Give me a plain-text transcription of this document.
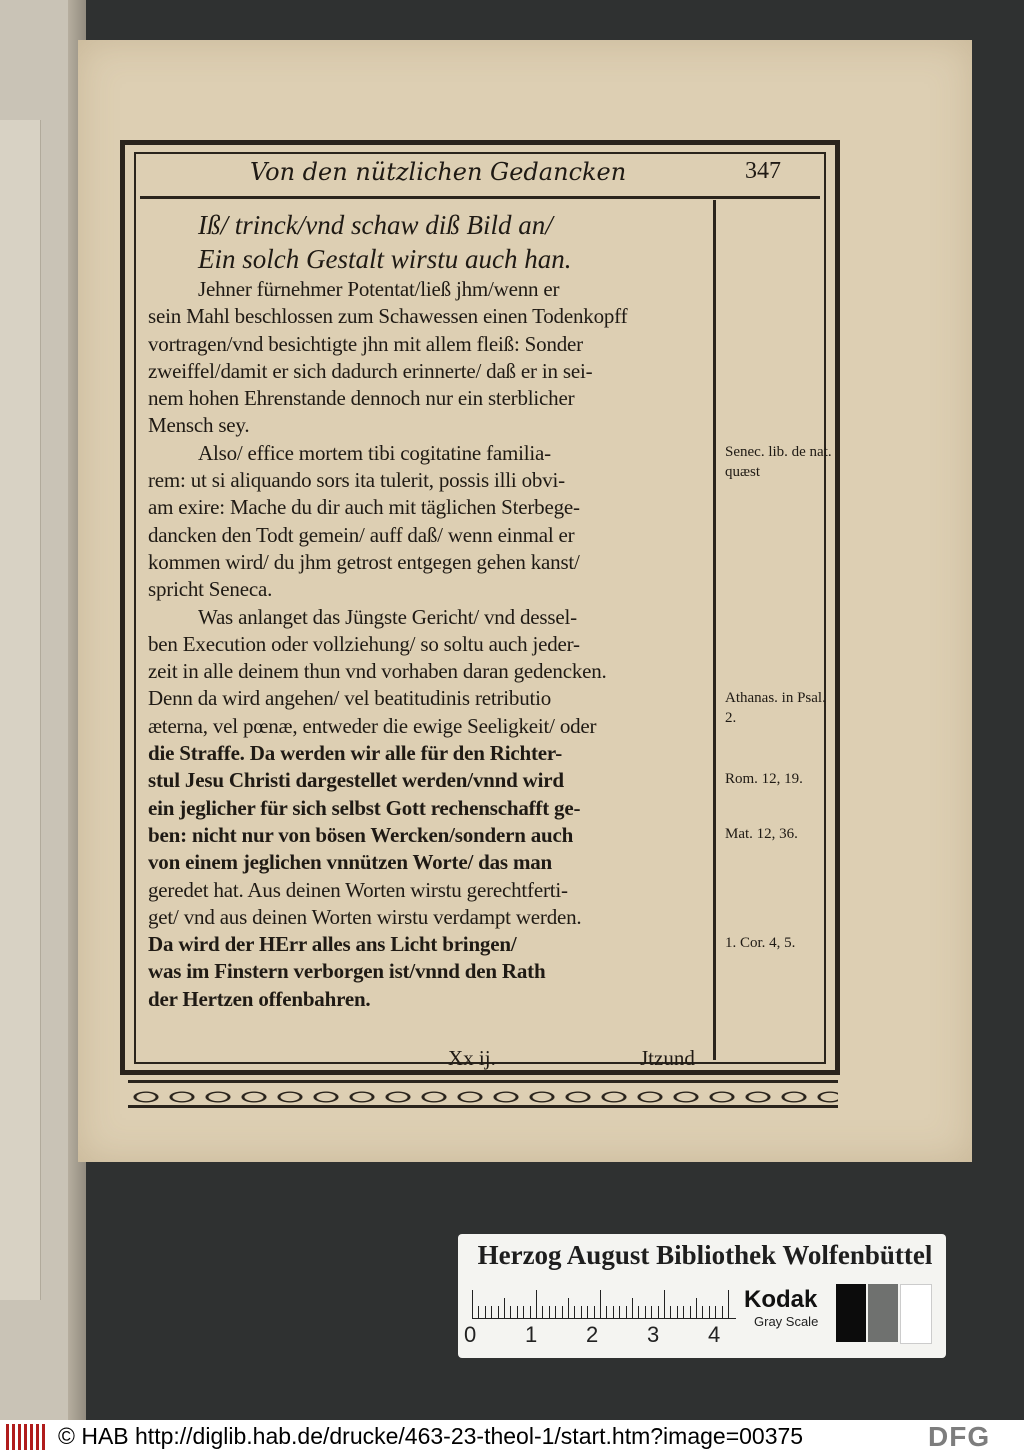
Von den nützlichen Gedancken	347
Iß/ trinck/vnd schaw diß Bild an/
Ein solch Gestalt wirstu auch han.
Jehner fürnehmer Potentat/ließ jhm/wenn er
sein Mahl beschlossen zum Schawessen einen Todenkopff
vortragen/vnd besichtigte jhn mit allem fleiß: Sonder
zweiffel/damit er sich dadurch erinnerte/ daß er in sei-
nem hohen Ehrenstande dennoch nur ein sterblicher
Mensch sey.
Also/ effice mortem tibi cogitatine familia-
rem: ut si aliquando sors ita tulerit, possis illi obvi-
am exire: Mache du dir auch mit täglichen Sterbege-
dancken den Todt gemein/ auff daß/ wenn einmal er
kommen wird/ du jhm getrost entgegen gehen kanst/
spricht Seneca.
Was anlanget das Jüngste Gericht/ vnd dessel-
ben Execution oder vollziehung/ so soltu auch jeder-
zeit in alle deinem thun vnd vorhaben daran gedencken.
Denn da wird angehen/ vel beatitudinis retributio
æterna, vel pœnæ, entweder die ewige Seeligkeit/ oder
die Straffe. Da werden wir alle für den Richter-
stul Jesu Christi dargestellet werden/vnnd wird
ein jeglicher für sich selbst Gott rechenschafft ge-
ben: nicht nur von bösen Wercken/sondern auch
von einem jeglichen vnnützen Worte/ das man
geredet hat. Aus deinen Worten wirstu gerechtferti-
get/ vnd aus deinen Worten wirstu verdampt werden.
Da wird der HErr alles ans Licht bringen/
was im Finstern verborgen ist/vnnd den Rath
der Hertzen offenbahren.
Senec. lib. de nat. quæst
Athanas. in Psal. 2.
Rom. 12, 19.
Mat. 12, 36.
1. Cor. 4, 5.
Xx ij.	Jtzund
Herzog August Bibliothek Wolfenbüttel
0 1 2 3 4
Kodak
Gray Scale
© HAB http://diglib.hab.de/drucke/463-23-theol-1/start.htm?image=00375	DFG
